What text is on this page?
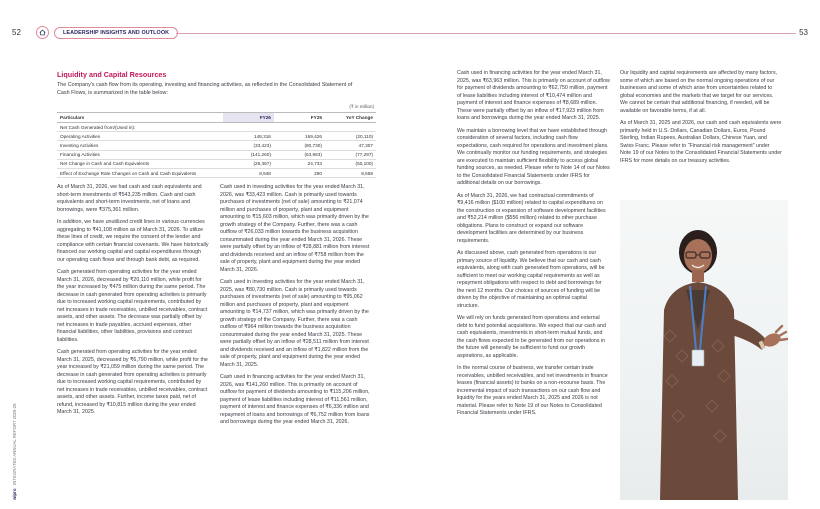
52	LEADERSHIP INSIGHTS AND OUTLOOK	53
wipro   INTEGRATED ANNUAL REPORT 2025-26
Liquidity and Capital Resources

The Company's cash flow from its operating, investing and financing activities, as reflected in the Consolidated Statement of Cash Flows, is summarized in the table below:

(₹ in million)
Particulars	FY26	FY25	YoY Change
Net Cash Generated from/(Used in):			
Operating Activities	149,316	169,426	(20,110)
Investing Activities	(33,423)	(80,730)	47,307
Financing Activities	(141,260)	(63,963)	(77,297)
Net Change in Cash and Cash Equivalents	(25,367)	24,733	(50,100)
Effect of Exchange Rate Changes on Cash and Cash Equivalents	8,948	290	8,658

As of March 31, 2026, we had cash and cash equivalents and short-term investments of ₹543,235 million. Cash and cash equivalents and short-term investments, net of loans and borrowings, were ₹375,361 million.

In addition, we have unutilized credit lines in various currencies aggregating to ₹41,108 million as of March 31, 2026. To utilize these lines of credit, we require the consent of the lender and compliance with certain financial covenants. We have historically financed our working capital and capital expenditures through our operating cash flows and through bank debt, as required.

Cash generated from operating activities for the year ended March 31, 2026, decreased by ₹20,110 million, while profit for the year increased by ₹475 million during the same period. The decrease in cash generated from operating activities is primarily due to increased working capital requirements, contributed by net increases in trade receivables, unbilled receivables, contract assets, and other assets. The decrease was partially offset by net increases in trade payables, accrued expenses, other financial liabilities, other liabilities, provisions and contract liabilities.

Cash generated from operating activities for the year ended March 31, 2025, decreased by ₹6,790 million, while profit for the year increased by ₹21,059 million during the same period. The decrease in cash generated from operating activities is primarily due to increased working capital requirements, contributed by net increases in trade receivables, unbilled receivables, contract assets, and other assets. Further, income taxes paid, net of refund, increased by ₹10,815 million during the year ended March 31, 2025.

Cash used in investing activities for the year ended March 31, 2026, was ₹33,423 million. Cash is primarily used towards purchases of investments (net of sale) amounting to ₹21,074 million and purchases of property, plant and equipment amounting to ₹15,603 million, which was primarily driven by the growth strategy of the Company. Further, there was a cash outflow of ₹26,033 million towards the business acquisition consummated during the year ended March 31, 2026. These were partially offset by an inflow of ₹28,881 million from interest and dividends received and an inflow of ₹758 million from the sale of property, plant and equipment during the year ended March 31, 2026.

Cash used in investing activities for the year ended March 31, 2025, was ₹80,730 million. Cash is primarily used towards purchases of investments (net of sale) amounting to ₹95,062 million and purchases of property, plant and equipment amounting to ₹14,737 million, which was primarily driven by the growth strategy of the Company. Further, there was a cash outflow of ₹964 million towards the business acquisition consummated during the year ended March 31, 2025. These were partially offset by an inflow of ₹28,511 million from interest and dividends received and an inflow of ₹1,822 million from the sale of property, plant and equipment during the year ended March 31, 2025.

Cash used in financing activities for the year ended March 31, 2026, was ₹141,260 million. This is primarily on account of outflow for payment of dividends amounting to ₹115,206 million, payment of lease liabilities including interest of ₹11,561 million, payment of interest and finance expenses of ₹6,336 million and repayment of loans and borrowings of ₹6,752 million from loans and borrowings during the year ended March 31, 2026.

Cash used in financing activities for the year ended March 31, 2025, was ₹63,963 million. This is primarily on account of outflow for payment of dividends amounting to ₹62,750 million, payment of lease liabilities including interest of ₹10,474 million and payment of interest and finance expenses of ₹8,689 million. These were partially offset by an inflow of ₹17,923 million from loans and borrowings during the year ended March 31, 2025.

We maintain a borrowing level that we have established through consideration of several factors, including cash flow expectations, cash required for operations and investment plans. We continually monitor our funding requirements, and strategies are executed to maintain sufficient flexibility to access global funding sources, as needed. Please refer to Note 14 of our Notes to the Consolidated Financial Statements under IFRS for additional details on our borrowings.

As of March 31, 2026, we had contractual commitments of ₹9,416 million ($100 million) related to capital expenditures on the construction or expansion of software development facilities and ₹52,214 million ($556 million) related to other purchase obligations. Plans to construct or expand our software development facilities are determined by our business requirements.

As discussed above, cash generated from operations is our primary source of liquidity. We believe that our cash and cash equivalents, along with cash generated from operations, will be sufficient to meet our working capital requirements as well as repayment obligations with respect to debt and borrowings for the next 12 months. Our choices of sources of funding will be driven by the objective of maintaining an optimal capital structure.

We will rely on funds generated from operations and external debt to fund potential acquisitions. We expect that our cash and cash equivalents, investments in short-term mutual funds, and the cash flows expected to be generated from our operations in the future will generally be sufficient to fund our growth aspirations, as applicable.

In the normal course of business, we transfer certain trade receivables, unbilled receivables, and net investments in finance leases (financial assets) to banks on a non-recourse basis. The incremental impact of such transactions on our cash flow and liquidity for the years ended March 31, 2025 and 2026 is not material. Please refer to Note 19 of our Notes to Consolidated Financial Statements under IFRS.

Our liquidity and capital requirements are affected by many factors, some of which are based on the normal ongoing operations of our businesses and some of which arise from uncertainties related to global economies and the markets that we target for our services. We cannot be certain that additional financing, if needed, will be available on favorable terms, if at all.

As of March 31, 2025 and 2026, our cash and cash equivalents were primarily held in U.S. Dollars, Canadian Dollars, Euros, Pound Sterling, Indian Rupees, Australian Dollars, Chinese Yuan, and Swiss Franc. Please refer to “Financial risk management” under Note 19 of our Notes to the Consolidated Financial Statements under IFRS for more details on our treasury activities.
